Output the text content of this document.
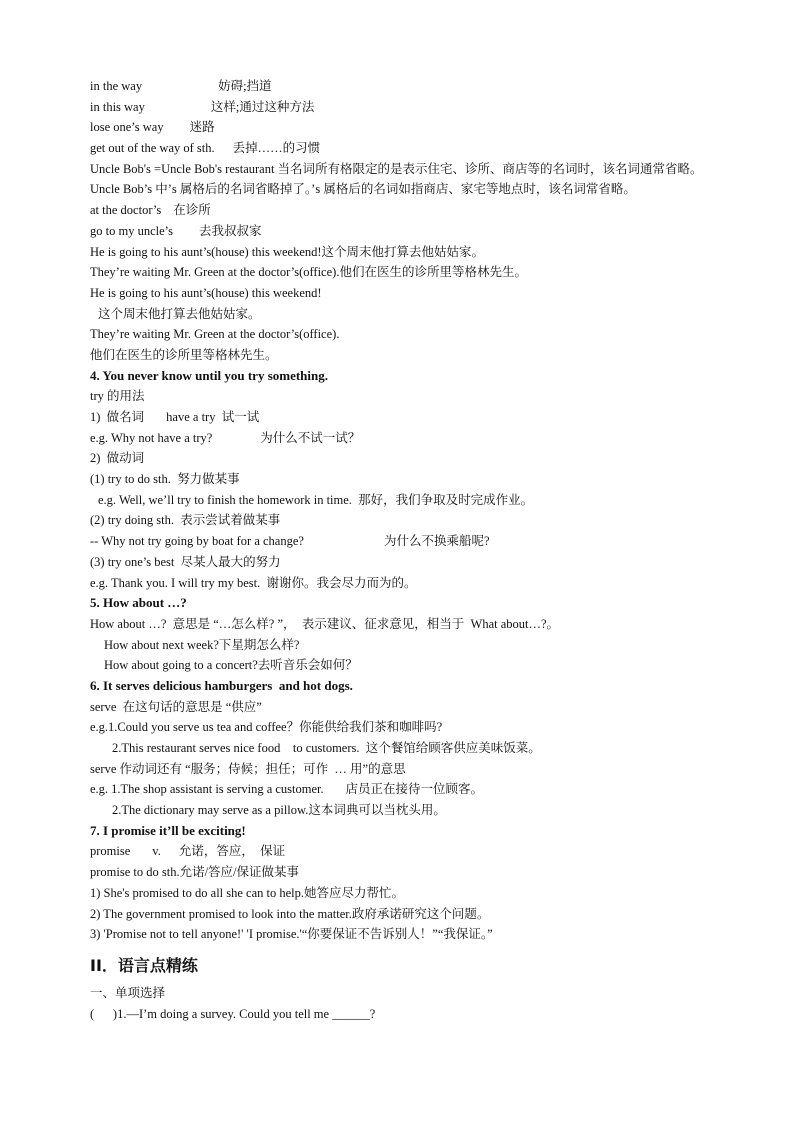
in the way	妨碍;挡道
in this way	这样;通过这种方法
lose one’s way 迷路
get out of the way of sth. 丢掉……的习惯
Uncle Bob's =Uncle Bob's restaurant 当名词所有格限定的是表示住宅、诊所、商店等的名词时，该名词通常省略。Uncle Bob’s 中’s 属格后的名词省略掉了。’s 属格后的名词如指商店、家宅等地点时，该名词常省略。
at the doctor’s 在诊所
go to my uncle’s 去我叔叔家
He is going to his aunt’s(house) this weekend!这个周末他打算去他姑姑家。
They’re waiting Mr. Green at the doctor’s(office).他们在医生的诊所里等格林先生。
He is going to his aunt’s(house) this weekend!
这个周末他打算去他姑姑家。
They’re waiting Mr. Green at the doctor’s(office).
他们在医生的诊所里等格林先生。
4. You never know until you try something.
try 的用法
1)  做名词 have a try  试一试
e.g. Why not have a try?	为什么不试一试？
2)  做动词
(1) try to do sth.  努力做某事
e.g. Well, we’ll try to finish the homework in time.  那好，我们争取及时完成作业。
(2) try doing sth.  表示尝试着做某事
-- Why not try going by boat for a change?	为什么不换乘船呢?
(3) try one’s best  尽某人最大的努力
e.g. Thank you. I will try my best.  谢谢你。我会尽力而为的。
5. How about …?
How about …?  意思是 “…怎么样? ”，  表示建议、征求意见，相当于  What about…?。
How about next week?下星期怎么样?
How about going to a concert?去听音乐会如何？
6. It serves delicious hamburgers  and hot dogs.
serve  在这句话的意思是 “供应”
e.g.1.Could you serve us tea and coffee？你能供给我们茶和咖啡吗?
2.This restaurant serves nice food    to customers.  这个餐馆给顾客供应美味饭菜。
serve 作动词还有 “服务；侍候；担任；可作  … 用”的意思
e.g. 1.The shop assistant is serving a customer.       店员正在接待一位顾客。
2.The dictionary may serve as a pillow.这本词典可以当枕头用。
7. I promise it’ll be exciting!
promise v. 允诺，答应，  保证
promise to do sth.允诺/答应/保证做某事
1) She's promised to do all she can to help.她答应尽力帮忙。
2) The government promised to look into the matter.政府承诺研究这个问题。
3) 'Promise not to tell anyone!' 'I promise.'“你要保证不告诉别人！”“我保证。”
II．语言点精练
一、单项选择
(      )1.—I’m doing a survey. Could you tell me ______?
